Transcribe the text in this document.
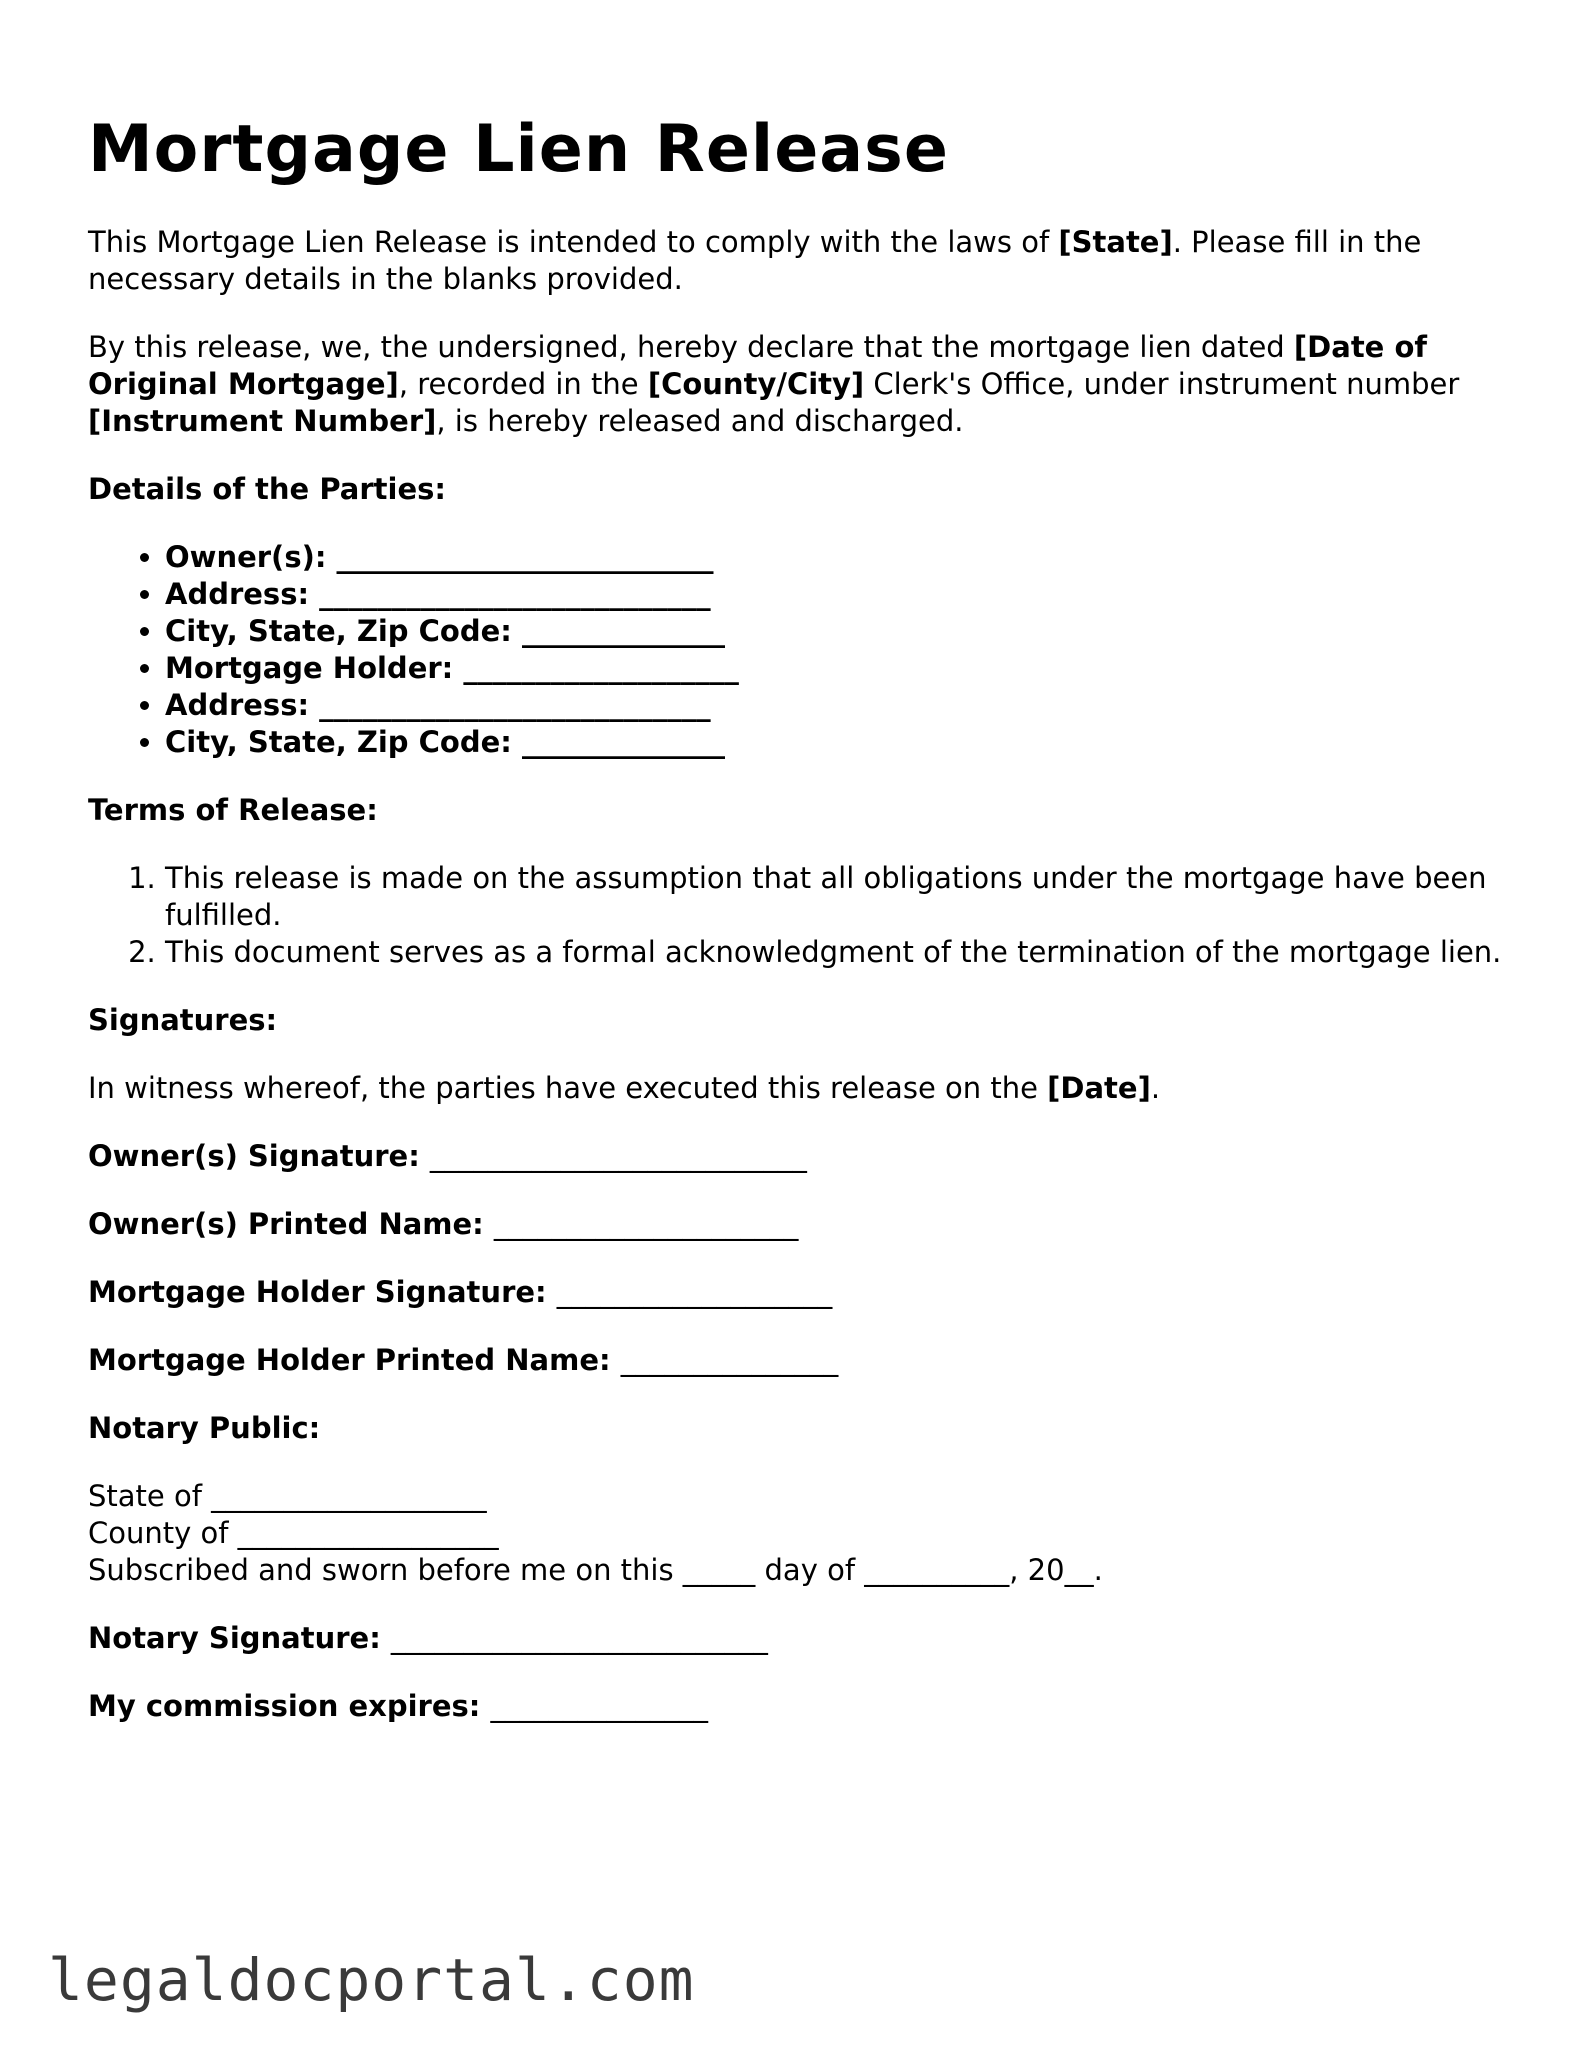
Mortgage Lien Release

This Mortgage Lien Release is intended to comply with the laws of [State]. Please fill in the necessary details in the blanks provided.

By this release, we, the undersigned, hereby declare that the mortgage lien dated [Date of Original Mortgage], recorded in the [County/City] Clerk's Office, under instrument number [Instrument Number], is hereby released and discharged.

Details of the Parties:
• Owner(s): __________________________
• Address: ___________________________
• City, State, Zip Code: ______________
• Mortgage Holder: ___________________
• Address: ___________________________
• City, State, Zip Code: ______________
Terms of Release:
1. This release is made on the assumption that all obligations under the mortgage have been fulfilled.
2. This document serves as a formal acknowledgment of the termination of the mortgage lien.
Signatures:

In witness whereof, the parties have executed this release on the [Date].

Owner(s) Signature: __________________________
Owner(s) Printed Name: _____________________
Mortgage Holder Signature: ___________________
Mortgage Holder Printed Name: _______________
Notary Public:
State of ___________________
County of __________________
Subscribed and sworn before me on this _____ day of __________, 20__.
Notary Signature: __________________________
My commission expires: _______________
legaldocportal.com
